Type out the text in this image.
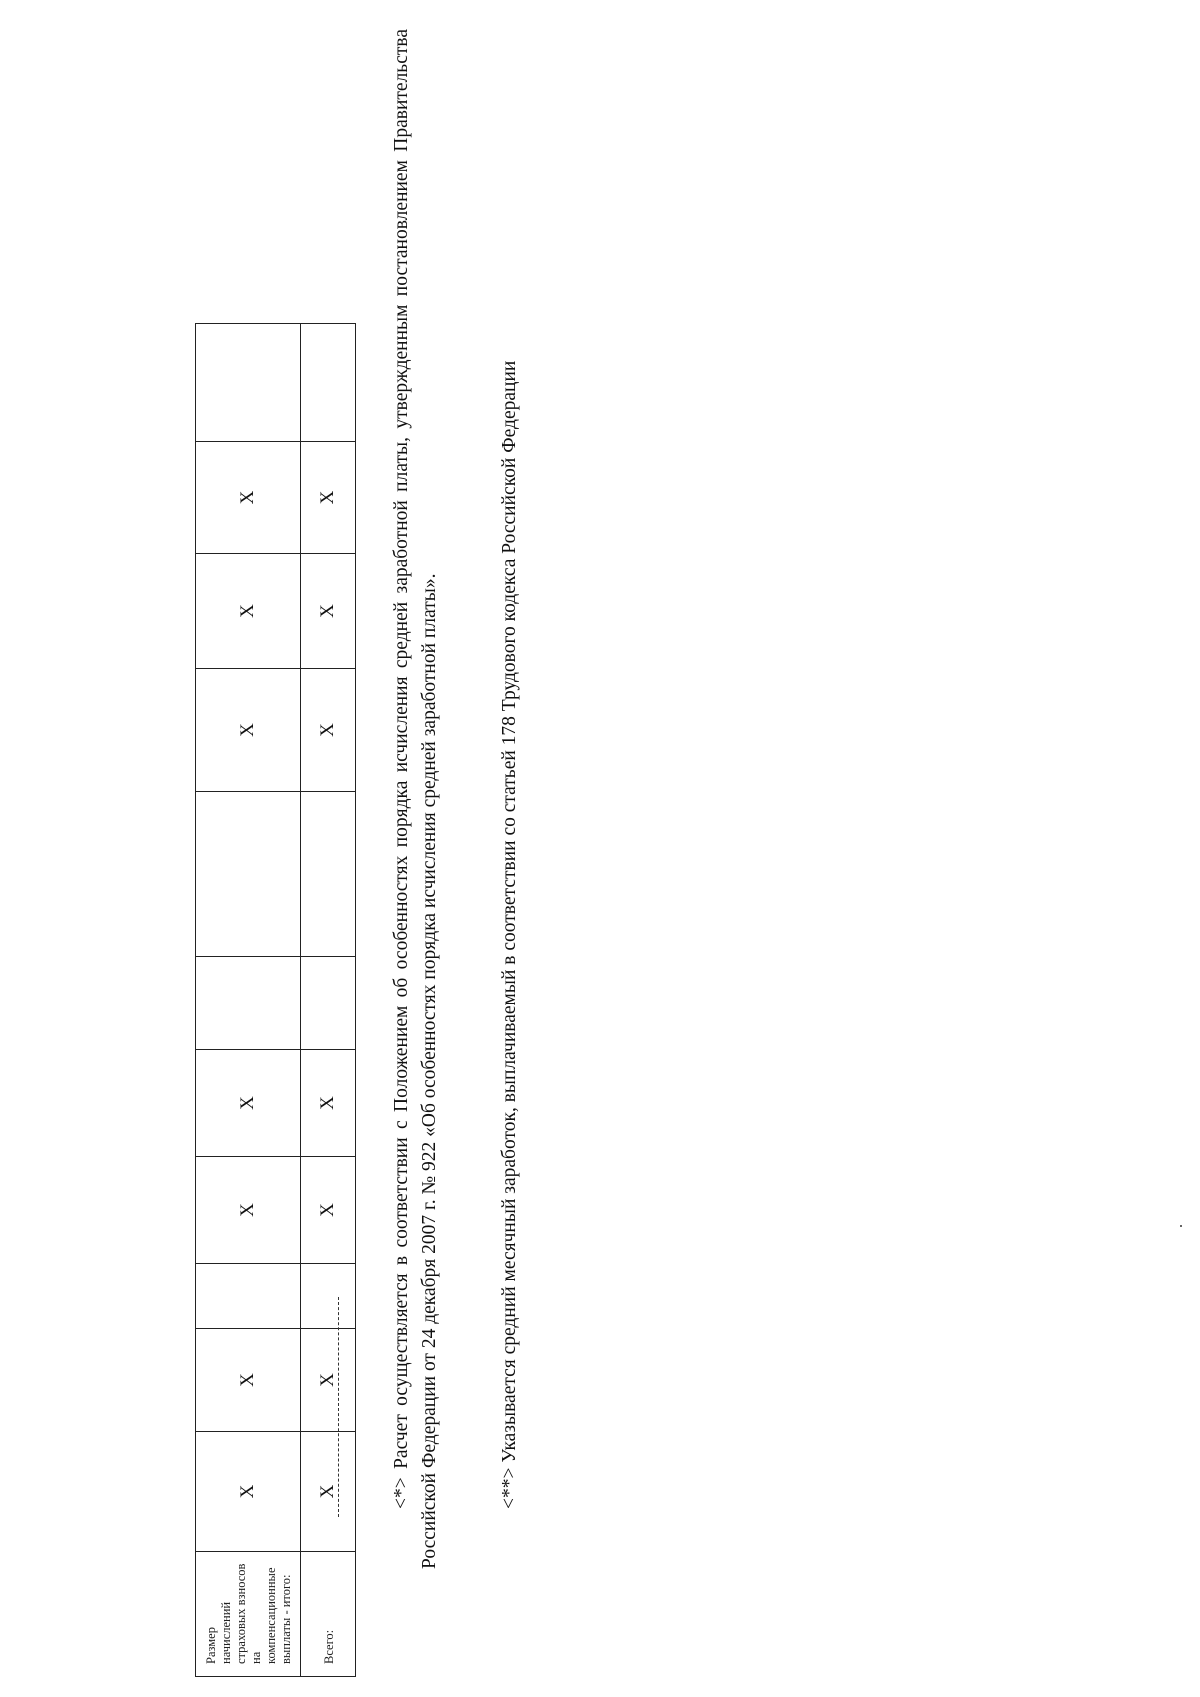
Размер начислений страховых взносов на компенсационные выплаты - итого:	X	X		X	X			X	X	X	
Всего:	X	X		X	X			X	X	X		<*> Расчет осуществляется в соответствии с Положением об особенностях порядка исчисления средней заработной платы, утвержденным постановлением Правительства Российской Федерации от 24 декабря 2007 г. № 922 «Об особенностях порядка исчисления средней заработной платы».	<**> Указывается средний месячный заработок, выплачиваемый в соответствии со статьей 178 Трудового кодекса Российской Федерации
